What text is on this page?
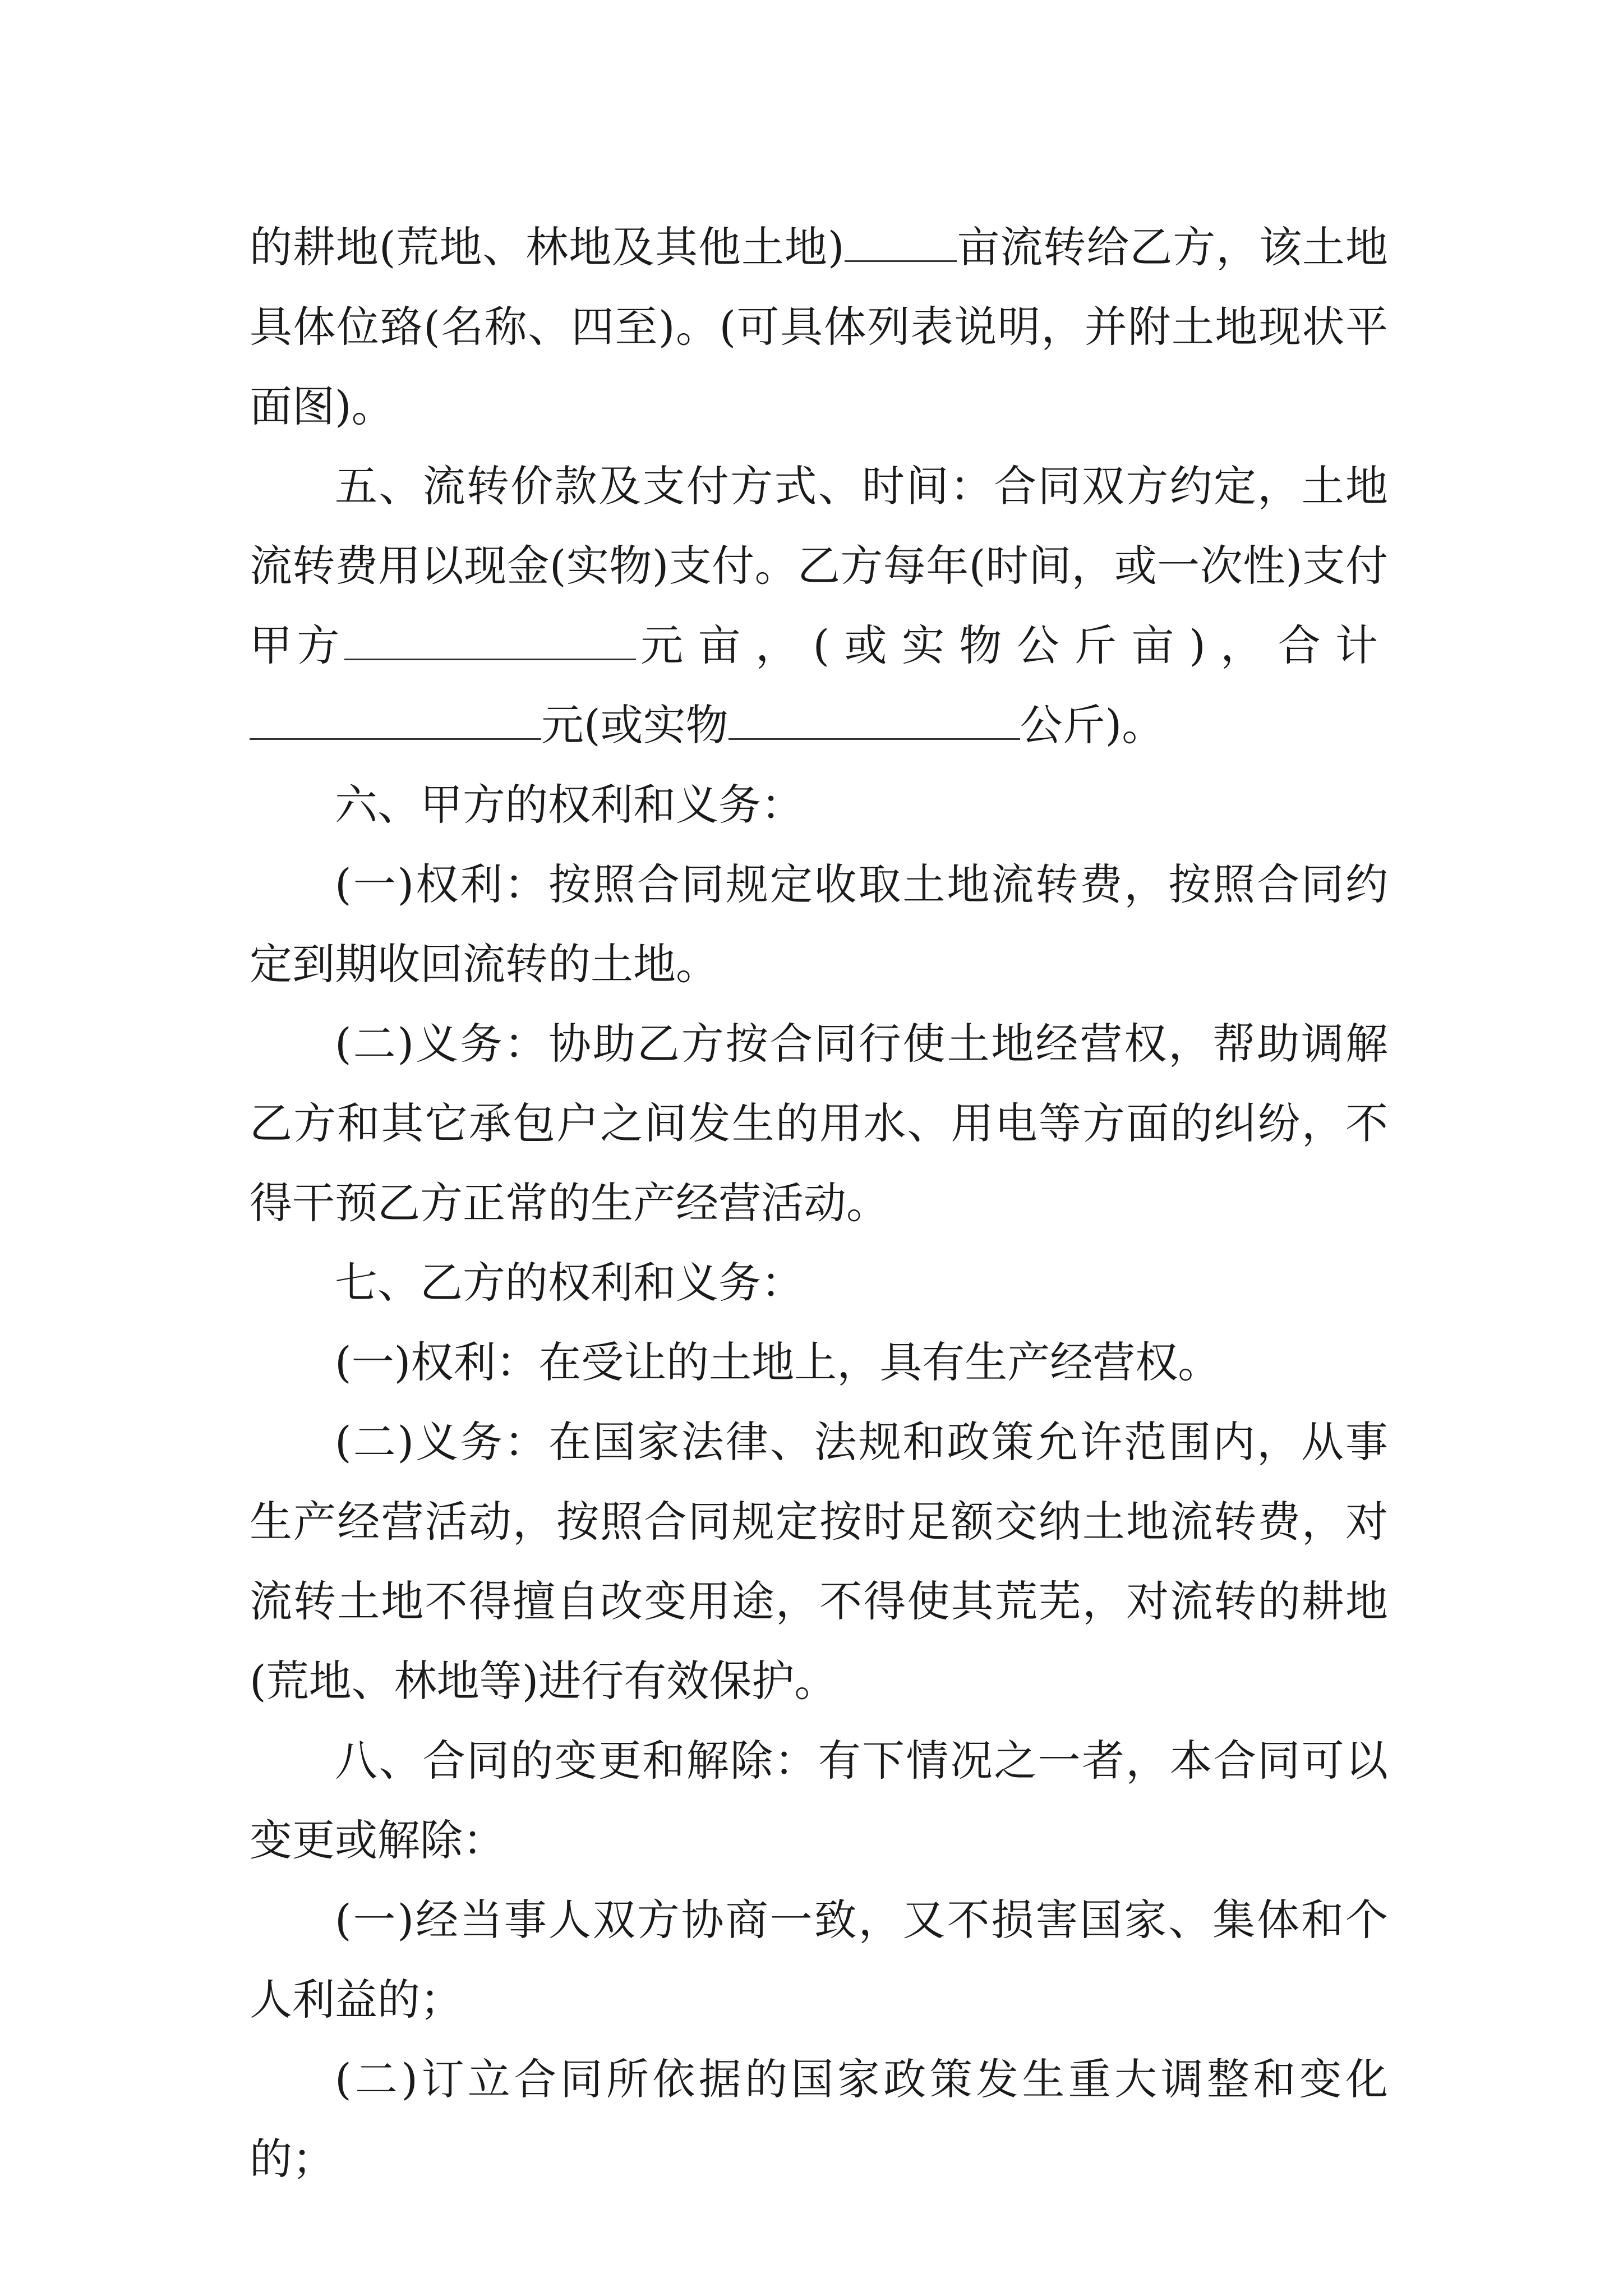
的耕地(荒地、林地及其他土地)	亩流转给乙方，该土地具体位臵(名称、四至)。(可具体列表说明，并附土地现状平面图)。

五、流转价款及支付方式、时间：合同双方约定，土地流转费用以现金(实物)支付。乙方每年(时间，或一次性)支付甲方	元亩，(或实物公斤亩)，合计元(或实物	公斤)。

六、甲方的权利和义务：

(一)权利：按照合同规定收取土地流转费，按照合同约定到期收回流转的土地。

(二)义务：协助乙方按合同行使土地经营权，帮助调解乙方和其它承包户之间发生的用水、用电等方面的纠纷，不得干预乙方正常的生产经营活动。

七、乙方的权利和义务：

(一)权利：在受让的土地上，具有生产经营权。

(二)义务：在国家法律、法规和政策允许范围内，从事生产经营活动，按照合同规定按时足额交纳土地流转费，对流转土地不得擅自改变用途，不得使其荒芜，对流转的耕地(荒地、林地等)进行有效保护。

八、合同的变更和解除：有下情况之一者，本合同可以变更或解除：

(一)经当事人双方协商一致，又不损害国家、集体和个人利益的；

(二)订立合同所依据的国家政策发生重大调整和变化的；
